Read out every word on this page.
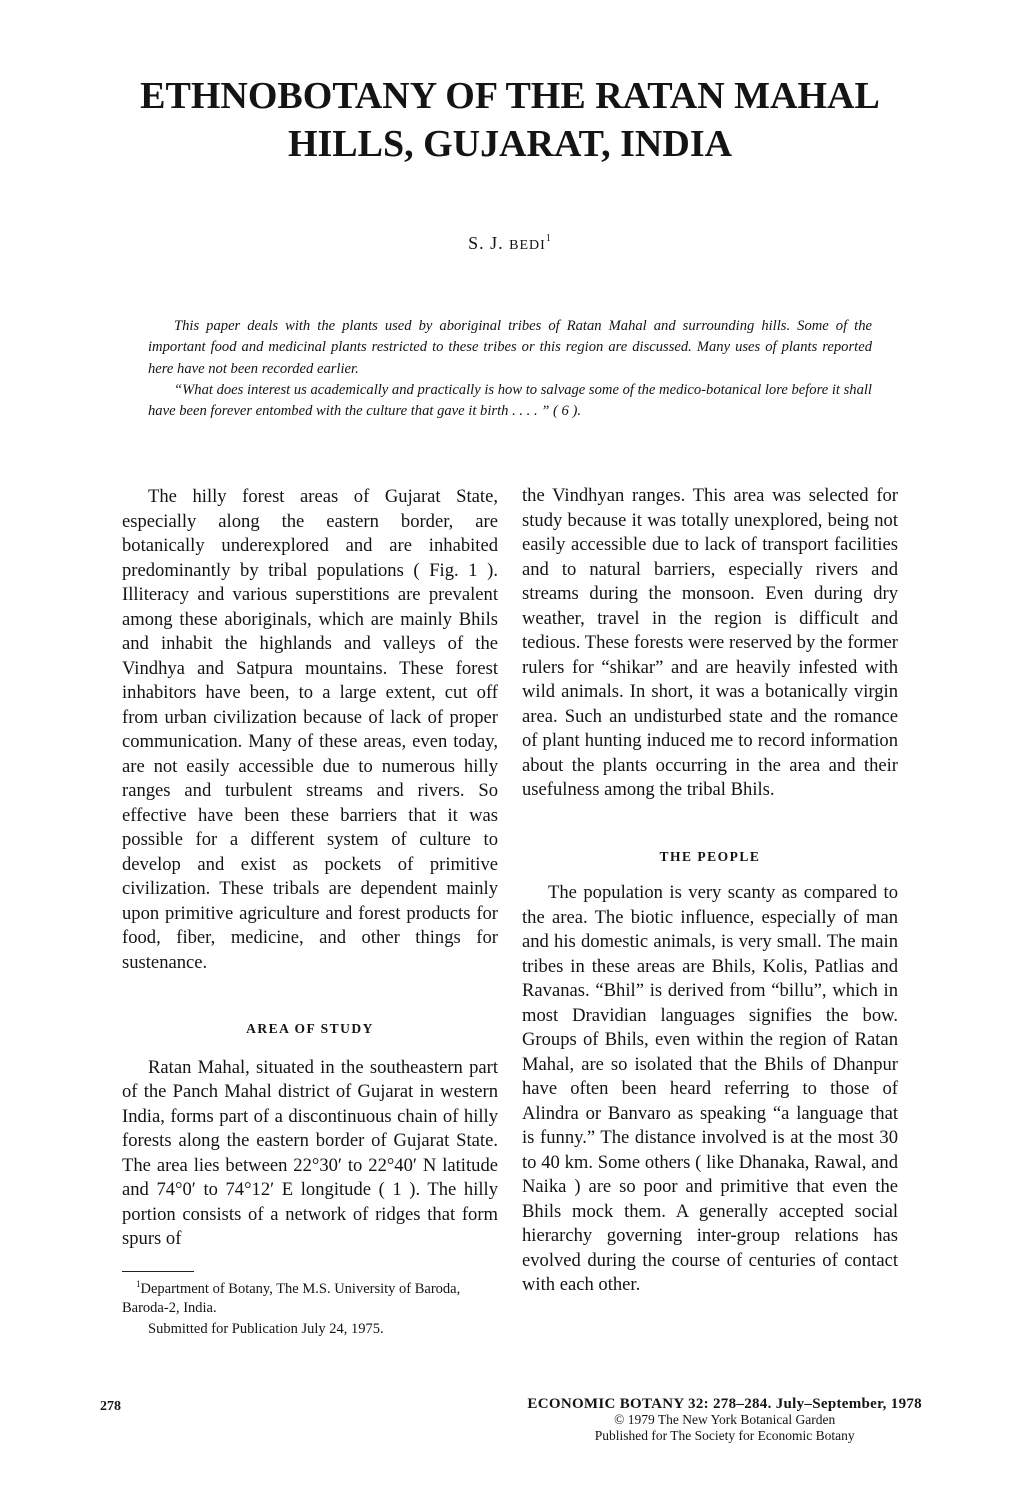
ETHNOBOTANY OF THE RATAN MAHAL
HILLS, GUJARAT, INDIA
S. J. BEDI$^1$

This paper deals with the plants used by aboriginal tribes of Ratan Mahal and surrounding hills. Some of the important food and medicinal plants restricted to these tribes or this region are discussed. Many uses of plants reported here have not been recorded earlier.

“What does interest us academically and practically is how to salvage some of the medico-botanical lore before it shall have been forever entombed with the culture that gave it birth . . . . ” ( 6 ).

The hilly forest areas of Gujarat State, especially along the eastern border, are botanically underexplored and are inhabited predominantly by tribal populations ( Fig. 1 ). Illiteracy and various superstitions are prevalent among these aboriginals, which are mainly Bhils and inhabit the highlands and valleys of the Vindhya and Satpura mountains. These forest inhabitors have been, to a large extent, cut off from urban civilization because of lack of proper communication. Many of these areas, even today, are not easily accessible due to numerous hilly ranges and turbulent streams and rivers. So effective have been these barriers that it was possible for a different system of culture to develop and exist as pockets of primitive civilization. These tribals are dependent mainly upon primitive agriculture and forest products for food, fiber, medicine, and other things for sustenance.

AREA OF STUDY

Ratan Mahal, situated in the southeastern part of the Panch Mahal district of Gujarat in western India, forms part of a discontinuous chain of hilly forests along the eastern border of Gujarat State. The area lies between 22°30′ to 22°40′ N latitude and 74°0′ to 74°12′ E longitude ( 1 ). The hilly portion consists of a network of ridges that form spurs of

the Vindhyan ranges. This area was selected for study because it was totally unexplored, being not easily accessible due to lack of transport facilities and to natural barriers, especially rivers and streams during the monsoon. Even during dry weather, travel in the region is difficult and tedious. These forests were reserved by the former rulers for “shikar” and are heavily infested with wild animals. In short, it was a botanically virgin area. Such an undisturbed state and the romance of plant hunting induced me to record information about the plants occurring in the area and their usefulness among the tribal Bhils.

THE PEOPLE

The population is very scanty as compared to the area. The biotic influence, especially of man and his domestic animals, is very small. The main tribes in these areas are Bhils, Kolis, Patlias and Ravanas. “Bhil” is derived from “billu”, which in most Dravidian languages signifies the bow. Groups of Bhils, even within the region of Ratan Mahal, are so isolated that the Bhils of Dhanpur have often been heard referring to those of Alindra or Banvaro as speaking “a language that is funny.” The distance involved is at the most 30 to 40 km. Some others ( like Dhanaka, Rawal, and Naika ) are so poor and primitive that even the Bhils mock them. A generally accepted social hierarchy governing inter-group relations has evolved during the course of centuries of contact with each other.

$^1$Department of Botany, The M.S. University of Baroda, Baroda-2, India.

Submitted for Publication July 24, 1975.

278	ECONOMIC BOTANY 32: 278–284. July–September, 1978
© 1979 The New York Botanical Garden
Published for The Society for Economic Botany
